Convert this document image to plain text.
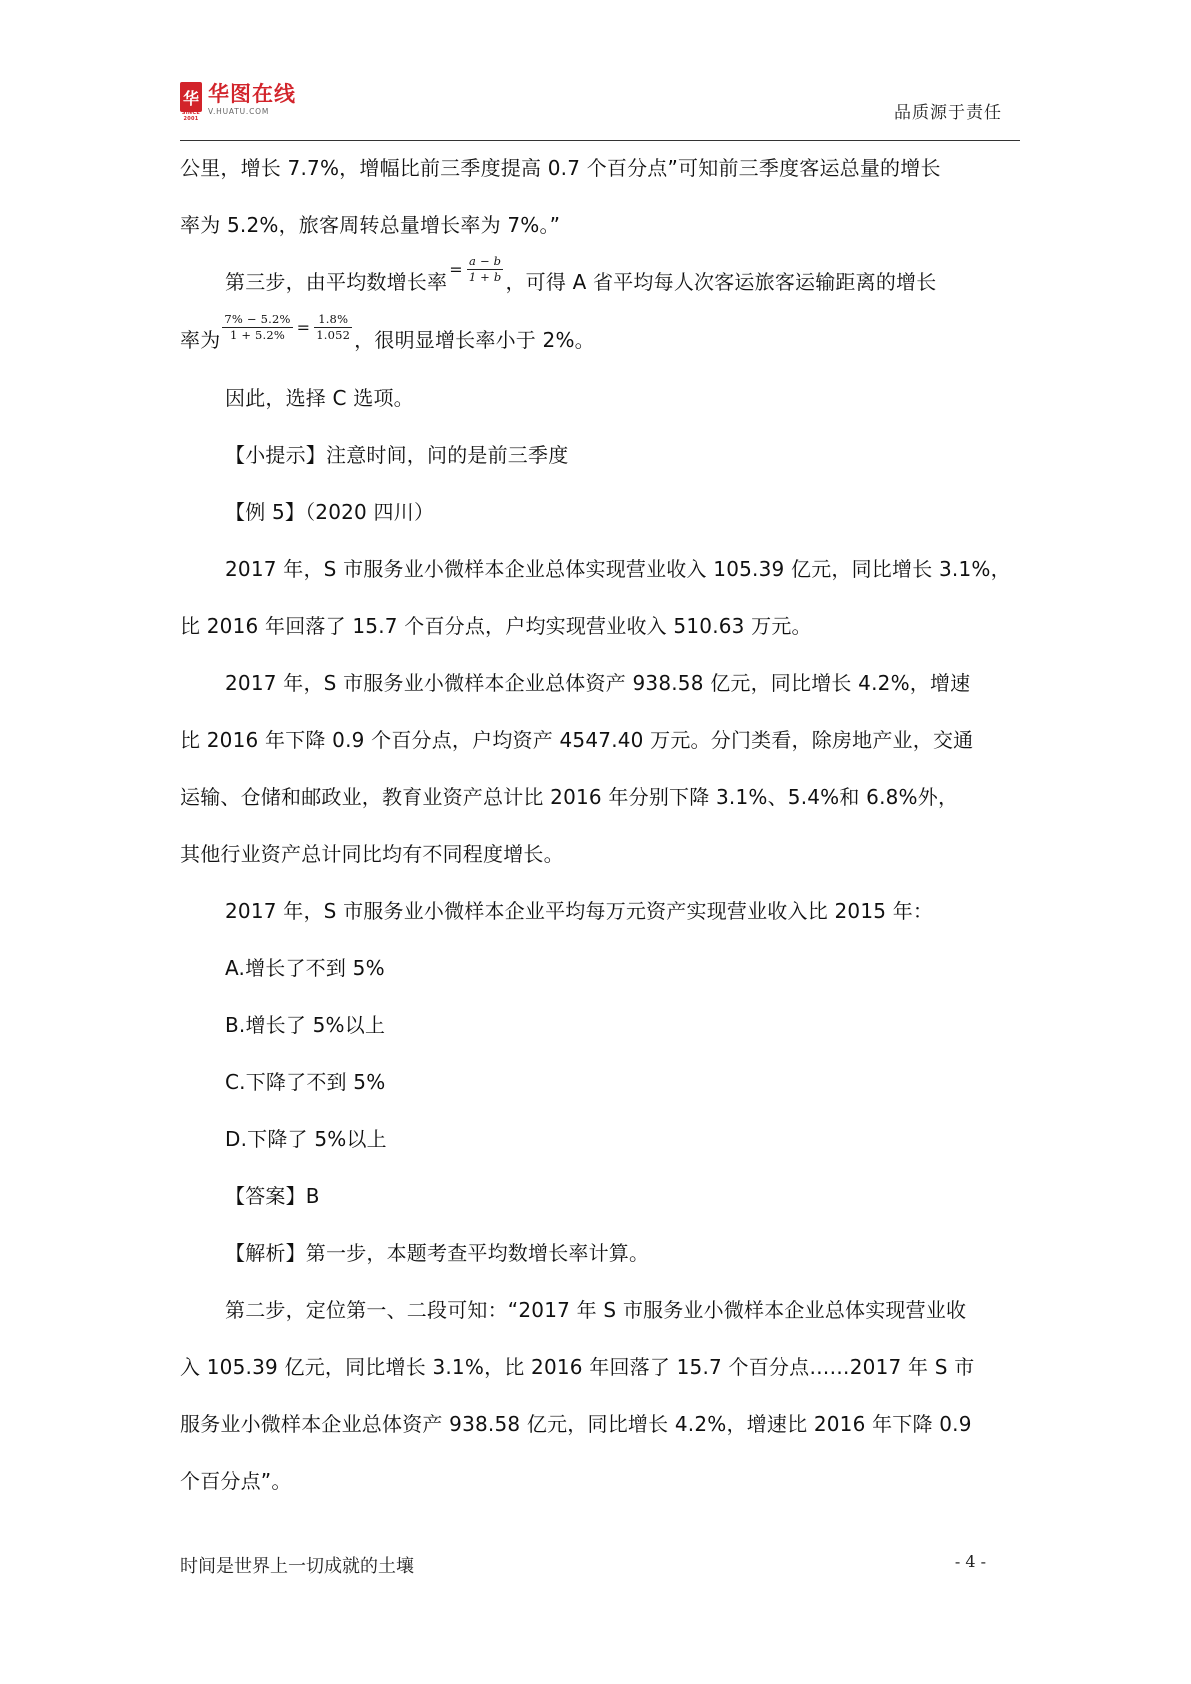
华
SINCE 2001
华图在线
V.HUATU.COM	品质源于责任

公里，增长 7.7%，增幅比前三季度提高 0.7 个百分点”可知前三季度客运总量的增长

率为 5.2%，旅客周转总量增长率为 7%。”

第三步，由平均数增长率$^= \frac{a - b}{1 + b}$ ，可得 A 省平均每人次客运旅客运输距离的增长

率为 $\frac{7\% - 5.2\%}{1 + 5.2\%} ^= \frac{1.8\%}{1.052}$ ，很明显增长率小于 2%。

因此，选择 C 选项。

【小提示】注意时间，问的是前三季度

【例 5】（2020 四川）

2017 年，S 市服务业小微样本企业总体实现营业收入 105.39 亿元，同比增长 3.1%，

比 2016 年回落了 15.7 个百分点，户均实现营业收入 510.63 万元。

2017 年，S 市服务业小微样本企业总体资产 938.58 亿元，同比增长 4.2%，增速

比 2016 年下降 0.9 个百分点，户均资产 4547.40 万元。分门类看，除房地产业，交通

运输、仓储和邮政业，教育业资产总计比 2016 年分别下降 3.1%、5.4%和 6.8%外，

其他行业资产总计同比均有不同程度增长。

2017 年，S 市服务业小微样本企业平均每万元资产实现营业收入比 2015 年：

A.增长了不到 5%

B.增长了 5%以上

C.下降了不到 5%

D.下降了 5%以上

【答案】B

【解析】第一步，本题考查平均数增长率计算。

第二步，定位第一、二段可知：“2017 年 S 市服务业小微样本企业总体实现营业收

入 105.39 亿元，同比增长 3.1%，比 2016 年回落了 15.7 个百分点……2017 年 S 市

服务业小微样本企业总体资产 938.58 亿元，同比增长 4.2%，增速比 2016 年下降 0.9

个百分点”。

时间是世界上一切成就的土壤	- 4 -
